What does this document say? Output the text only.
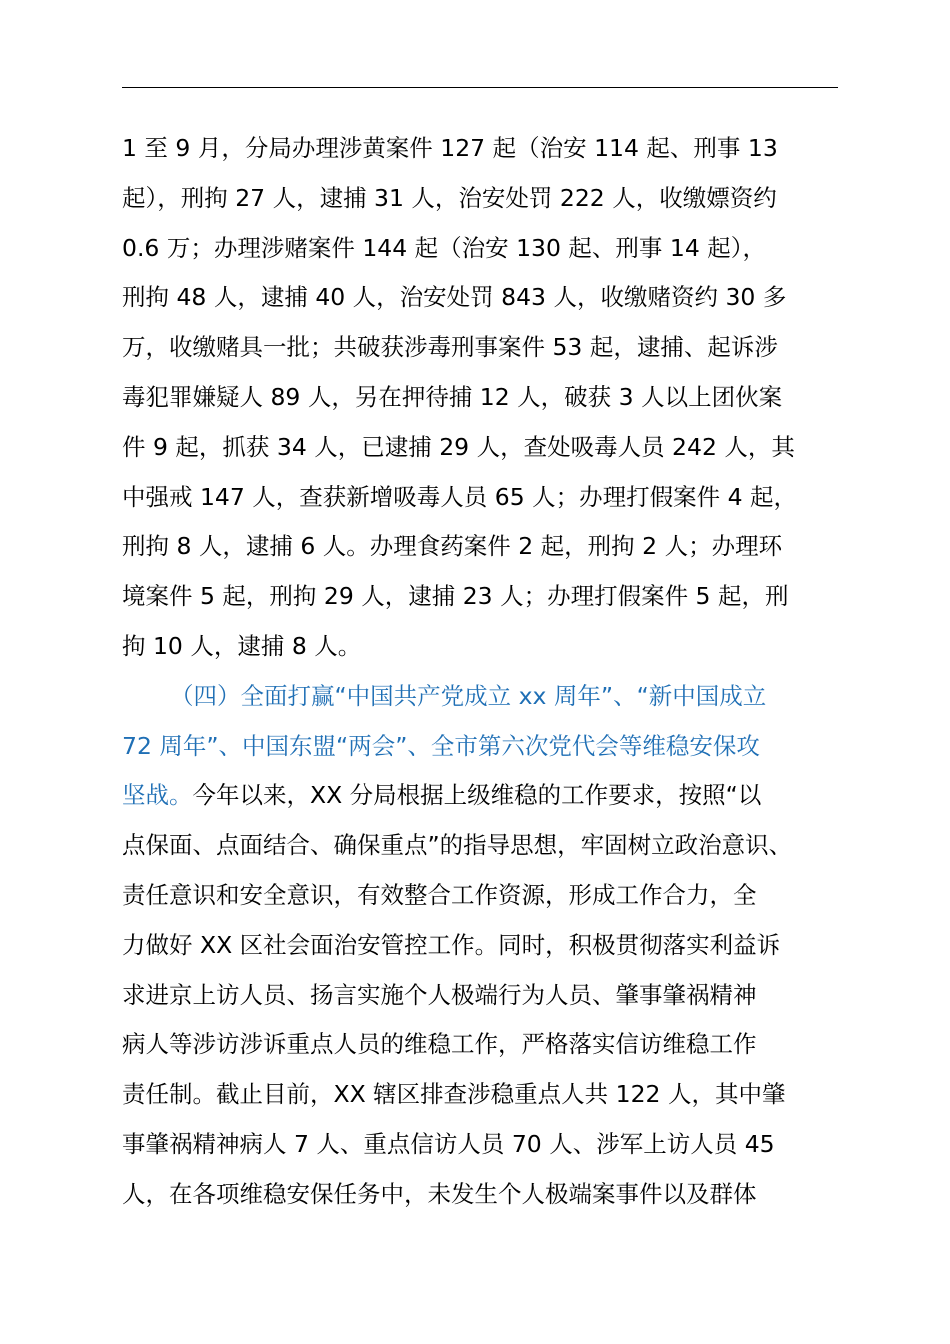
1 至 9 月，分局办理涉黄案件 127 起（治安 114 起、刑事 13
起），刑拘 27 人，逮捕 31 人，治安处罚 222 人，收缴嫖资约
0.6 万；办理涉赌案件 144 起（治安 130 起、刑事 14 起），
刑拘 48 人，逮捕 40 人，治安处罚 843 人，收缴赌资约 30 多
万，收缴赌具一批；共破获涉毒刑事案件 53 起，逮捕、起诉涉
毒犯罪嫌疑人 89 人，另在押待捕 12 人，破获 3 人以上团伙案
件 9 起，抓获 34 人，已逮捕 29 人，查处吸毒人员 242 人，其
中强戒 147 人，查获新增吸毒人员 65 人；办理打假案件 4 起，
刑拘 8 人，逮捕 6 人。办理食药案件 2 起，刑拘 2 人；办理环
境案件 5 起，刑拘 29 人，逮捕 23 人；办理打假案件 5 起，刑
拘 10 人，逮捕 8 人。
（四）全面打赢“中国共产党成立 xx 周年”、“新中国成立
72 周年”、中国东盟“两会”、全市第六次党代会等维稳安保攻
坚战。今年以来，XX 分局根据上级维稳的工作要求，按照“以
点保面、点面结合、确保重点”的指导思想，牢固树立政治意识、
责任意识和安全意识，有效整合工作资源，形成工作合力，全
力做好 XX 区社会面治安管控工作。同时，积极贯彻落实利益诉
求进京上访人员、扬言实施个人极端行为人员、肇事肇祸精神
病人等涉访涉诉重点人员的维稳工作，严格落实信访维稳工作
责任制。截止目前，XX 辖区排查涉稳重点人共 122 人，其中肇
事肇祸精神病人 7 人、重点信访人员 70 人、涉军上访人员 45
人，在各项维稳安保任务中，未发生个人极端案事件以及群体
